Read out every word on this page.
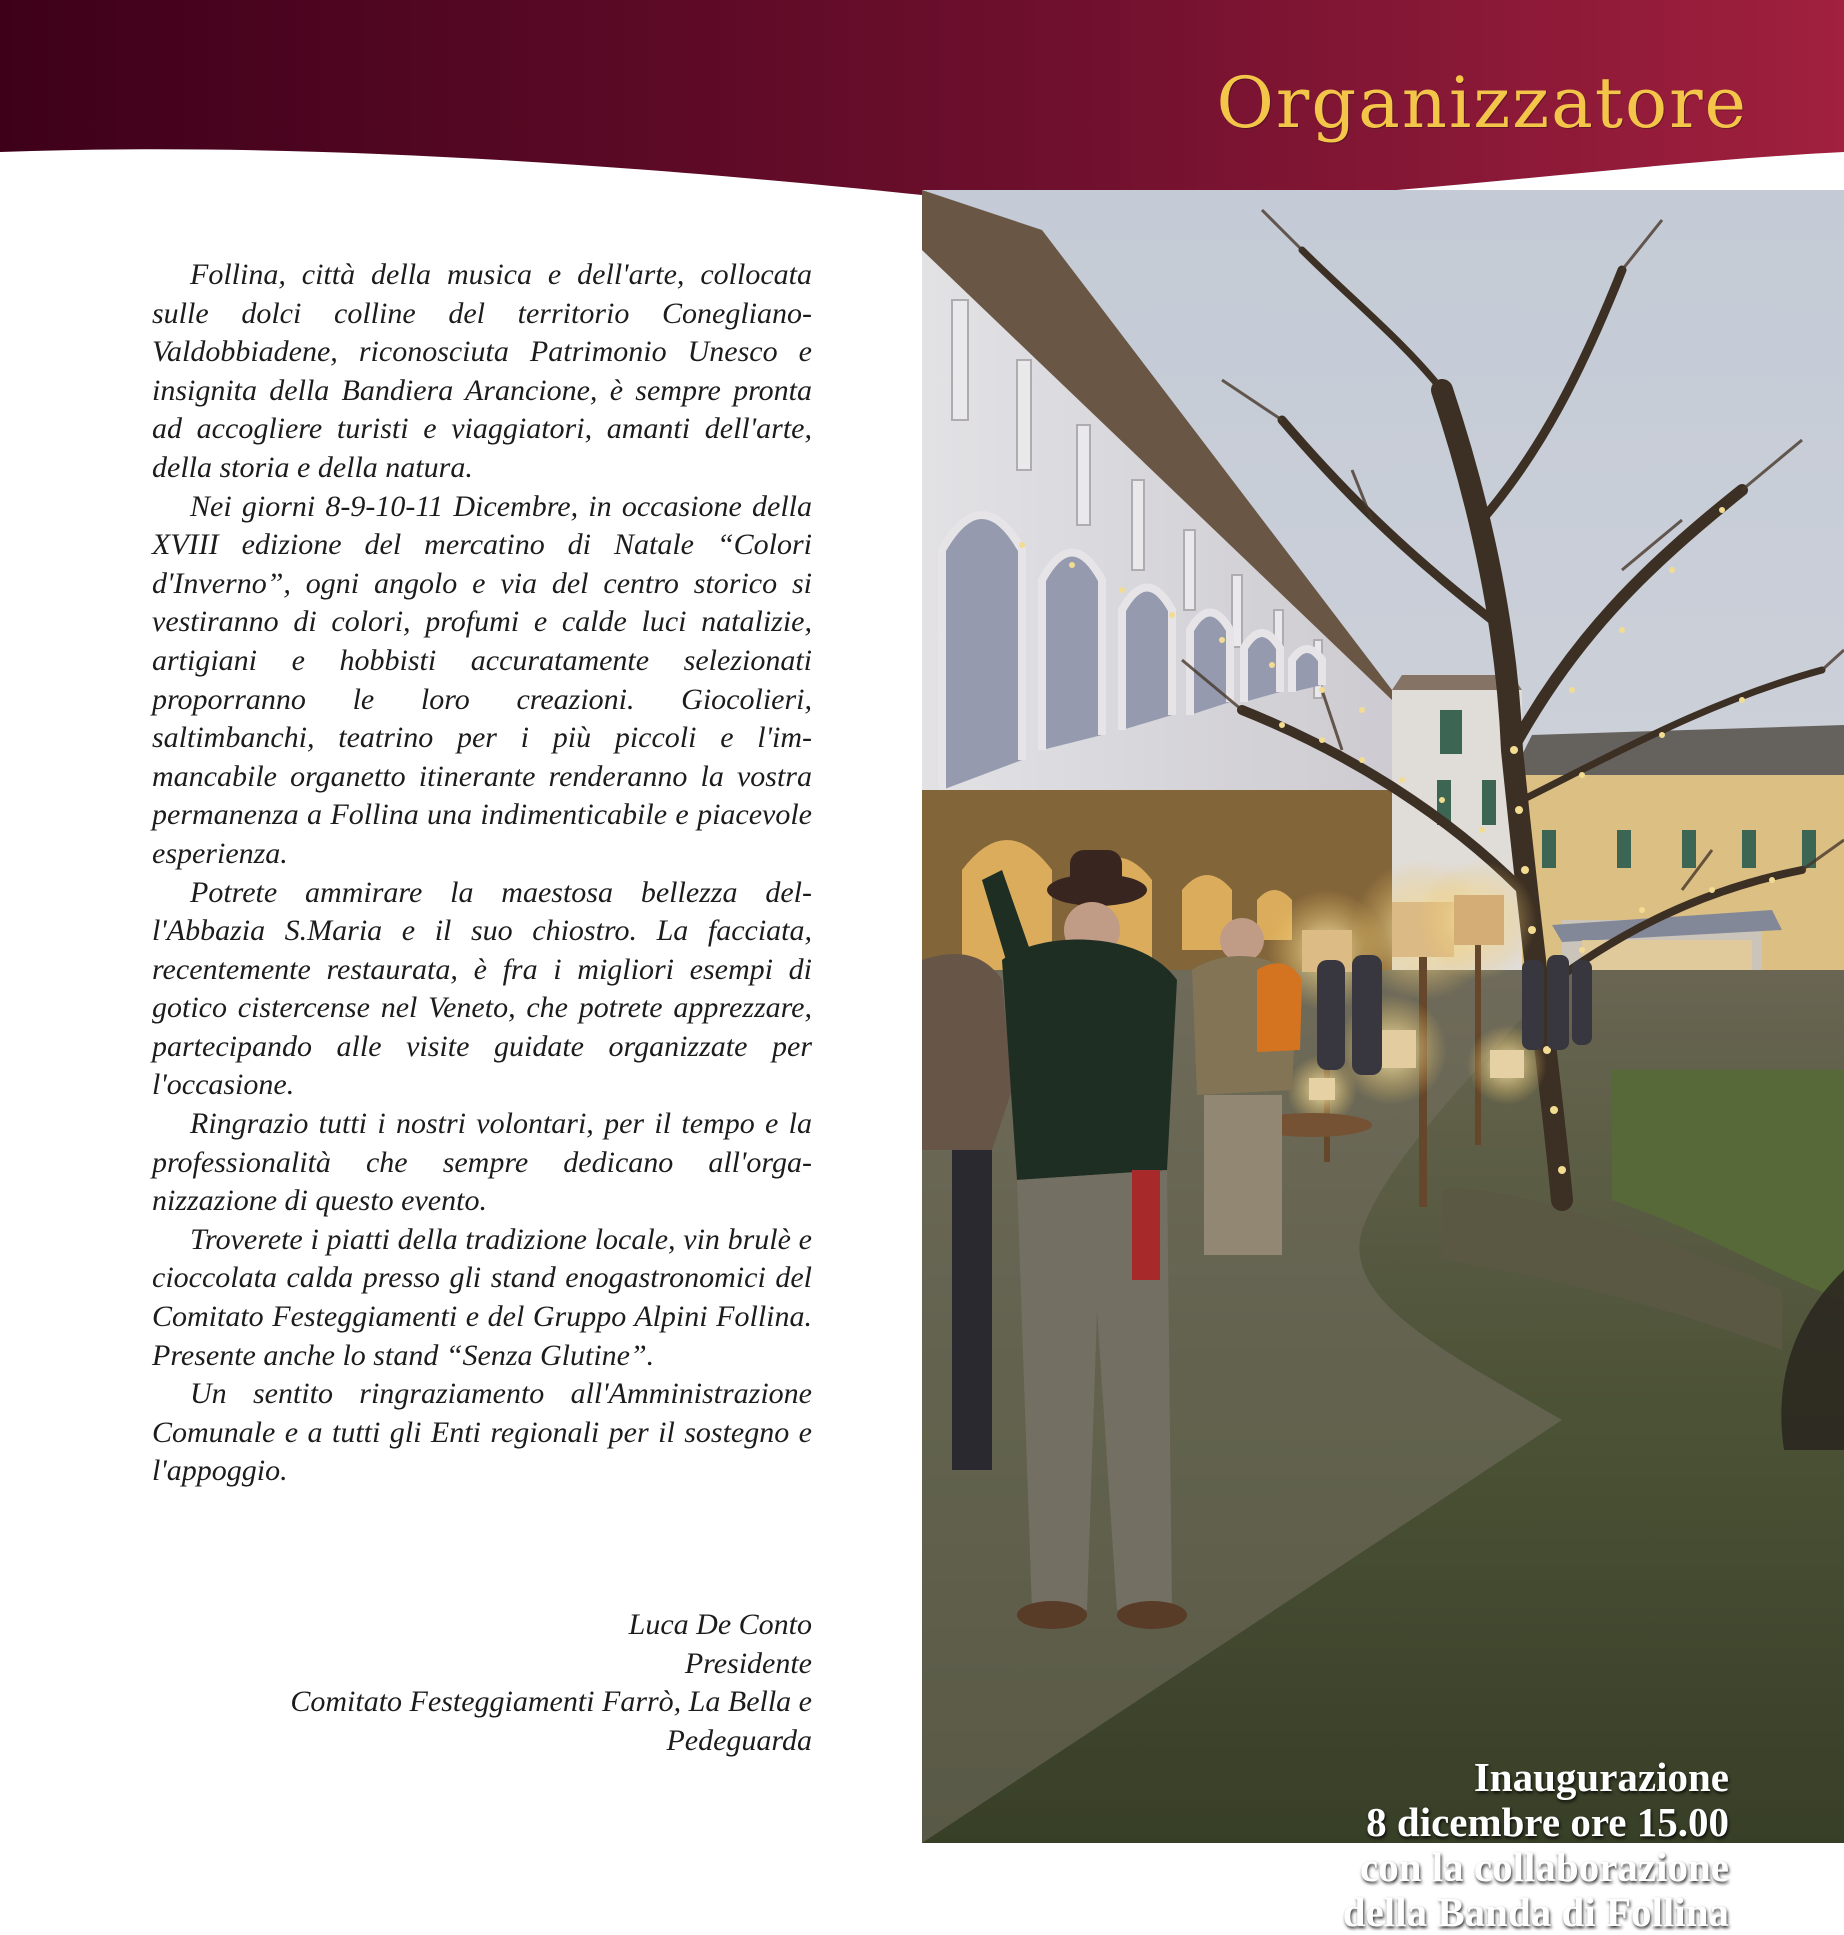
Organizzatore

Follina, città della musica e dell'arte, collocata sulle dolci colline del territorio Conegliano-Valdobbiadene, riconosciuta Patrimonio Unesco e insignita della Bandiera Arancione, è sempre pronta ad accogliere turisti e viaggiatori, amanti dell'arte, della storia e della natura.

Nei giorni 8-9-10-11 Dicembre, in occasione della XVIII edizione del mercatino di Natale “Colori d'Inverno”, ogni angolo e via del centro storico si vestiranno di colori, profumi e calde luci natalizie, artigiani e hobbisti accuratamente selezionati proporranno le loro creazioni. Giocolieri, saltimbanchi, teatrino per i più piccoli e l'immancabile organetto itinerante renderanno la vostra permanenza a Follina una indimenticabile e piacevole esperienza.

Potrete ammirare la maestosa bellezza dell'Abbazia S.Maria e il suo chiostro. La facciata, recentemente restaurata, è fra i migliori esempi di gotico cistercense nel Veneto, che potrete apprezzare, partecipando alle visite guidate organizzate per l'occasione.

Ringrazio tutti i nostri volontari, per il tempo e la professionalità che sempre dedicano all'organizzazione di questo evento.

Troverete i piatti della tradizione locale, vin brulè e cioccolata calda presso gli stand enogastronomici del Comitato Festeggiamenti e del Gruppo Alpini Follina. Presente anche lo stand “Senza Glutine”.

Un sentito ringraziamento all'Amministrazione Comunale e a tutti gli Enti regionali per il sostegno e l'appoggio.

Luca De Conto
Presidente
Comitato Festeggiamenti Farrò, La Bella e
Pedeguarda
Inaugurazione
8 dicembre ore 15.00
con la collaborazione
della Banda di Follina
